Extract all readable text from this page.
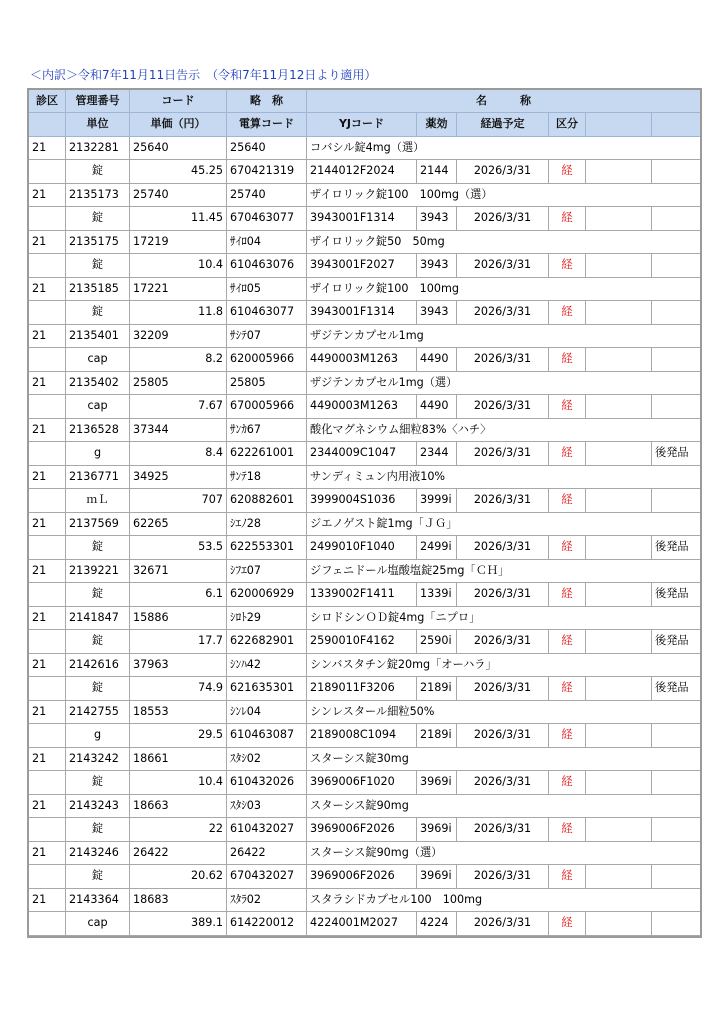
＜内訳＞令和7年11月11日告示　（令和7年11月12日より適用）
診区	管理番号	コード	略　称	名　　　称					
	単位	単価（円）	電算コード	YJコード	薬効	経過予定	区分		
21	2132281	25640	25640	コバシル錠4mg（選）					
	錠	45.25	670421319	2144012F2024	2144	2026/3/31	経		
21	2135173	25740	25740	ザイロリック錠100　100mg（選）					
	錠	11.45	670463077	3943001F1314	3943	2026/3/31	経		
21	2135175	17219	ｻｲﾛ04	ザイロリック錠50　50mg					
	錠	10.4	610463076	3943001F2027	3943	2026/3/31	経		
21	2135185	17221	ｻｲﾛ05	ザイロリック錠100　100mg					
	錠	11.8	610463077	3943001F1314	3943	2026/3/31	経		
21	2135401	32209	ｻｼﾃ07	ザジテンカプセル1mg					
	cap	8.2	620005966	4490003M1263	4490	2026/3/31	経		
21	2135402	25805	25805	ザジテンカプセル1mg（選）					
	cap	7.67	670005966	4490003M1263	4490	2026/3/31	経		
21	2136528	37344	ｻﾝｶ67	酸化マグネシウム細粒83%〈ハチ〉					
	g	8.4	622261001	2344009C1047	2344	2026/3/31	経		後発品
21	2136771	34925	ｻﾝﾃ18	サンディミュン内用液10%					
	ｍＬ	707	620882601	3999004S1036	3999i	2026/3/31	経		
21	2137569	62265	ｼｴﾉ28	ジエノゲスト錠1mg「ＪＧ」					
	錠	53.5	622553301	2499010F1040	2499i	2026/3/31	経		後発品
21	2139221	32671	ｼﾌｴ07	ジフェニドール塩酸塩錠25mg「ＣＨ」					
	錠	6.1	620006929	1339002F1411	1339i	2026/3/31	経		後発品
21	2141847	15886	ｼﾛﾄ29	シロドシンＯＤ錠4mg「ニプロ」					
	錠	17.7	622682901	2590010F4162	2590i	2026/3/31	経		後発品
21	2142616	37963	ｼﾝﾊ42	シンバスタチン錠20mg「オーハラ」					
	錠	74.9	621635301	2189011F3206	2189i	2026/3/31	経		後発品
21	2142755	18553	ｼﾝﾚ04	シンレスタール細粒50%					
	g	29.5	610463087	2189008C1094	2189i	2026/3/31	経		
21	2143242	18661	ｽﾀｼ02	スターシス錠30mg					
	錠	10.4	610432026	3969006F1020	3969i	2026/3/31	経		
21	2143243	18663	ｽﾀｼ03	スターシス錠90mg					
	錠	22	610432027	3969006F2026	3969i	2026/3/31	経		
21	2143246	26422	26422	スターシス錠90mg（選）					
	錠	20.62	670432027	3969006F2026	3969i	2026/3/31	経		
21	2143364	18683	ｽﾀﾗ02	スタラシドカプセル100　100mg					
	cap	389.1	614220012	4224001M2027	4224	2026/3/31	経		
